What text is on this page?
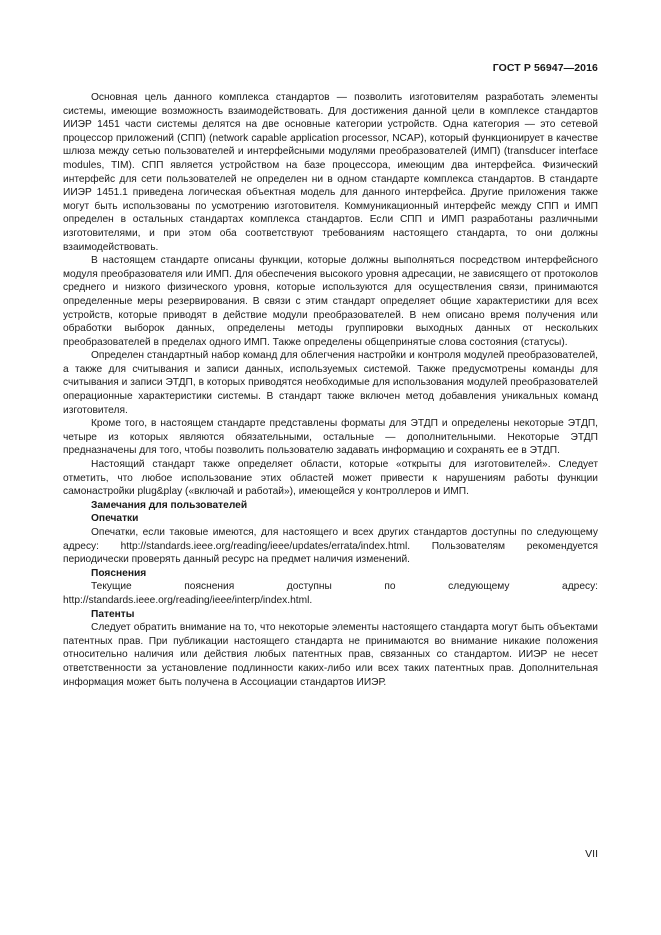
ГОСТ Р 56947—2016

Основная цель данного комплекса стандартов — позволить изготовителям разработать элементы системы, имеющие возможность взаимодействовать. Для достижения данной цели в комплексе стандартов ИИЭР 1451 части системы делятся на две основные категории устройств. Одна категория — это сетевой процессор приложений (СПП) (network capable application processor, NCAP), который функционирует в качестве шлюза между сетью пользователей и интерфейсными модулями преобразователей (ИМП) (transducer interface modules, TIM). СПП является устройством на базе процессора, имеющим два интерфейса. Физический интерфейс для сети пользователей не определен ни в одном стандарте комплекса стандартов. В стандарте ИИЭР 1451.1 приведена логическая объектная модель для данного интерфейса. Другие приложения также могут быть использованы по усмотрению изготовителя. Коммуникационный интерфейс между СПП и ИМП определен в остальных стандартах комплекса стандартов. Если СПП и ИМП разработаны различными изготовителями, и при этом оба соответствуют требованиям настоящего стандарта, то они должны взаимодействовать.

В настоящем стандарте описаны функции, которые должны выполняться посредством интерфейсного модуля преобразователя или ИМП. Для обеспечения высокого уровня адресации, не зависящего от протоколов среднего и низкого физического уровня, которые используются для осуществления связи, принимаются определенные меры резервирования. В связи с этим стандарт определяет общие характеристики для всех устройств, которые приводят в действие модули преобразователей. В нем описано время получения или обработки выборок данных, определены методы группировки выходных данных от нескольких преобразователей в пределах одного ИМП. Также определены общепринятые слова состояния (статусы).

Определен стандартный набор команд для облегчения настройки и контроля модулей преобразователей, а также для считывания и записи данных, используемых системой. Также предусмотрены команды для считывания и записи ЭТДП, в которых приводятся необходимые для использования модулей преобразователей операционные характеристики системы. В стандарт также включен метод добавления уникальных команд изготовителя.

Кроме того, в настоящем стандарте представлены форматы для ЭТДП и определены некоторые ЭТДП, четыре из которых являются обязательными, остальные — дополнительными. Некоторые ЭТДП предназначены для того, чтобы позволить пользователю задавать информацию и сохранять ее в ЭТДП.

Настоящий стандарт также определяет области, которые «открыты для изготовителей». Следует отметить, что любое использование этих областей может привести к нарушениям работы функции самонастройки plug&play («включай и работай»), имеющейся у контроллеров и ИМП.

Замечания для пользователей
Опечатки

Опечатки, если таковые имеются, для настоящего и всех других стандартов доступны по следующему адресу: http://standards.ieee.org/reading/ieee/updates/errata/index.html. Пользователям рекомендуется периодически проверять данный ресурс на предмет наличия изменений.

Пояснения

Текущие пояснения доступны по следующему адресу: http://standards.ieee.org/reading/ieee/interp/index.html.

Патенты

Следует обратить внимание на то, что некоторые элементы настоящего стандарта могут быть объектами патентных прав. При публикации настоящего стандарта не принимаются во внимание никакие положения относительно наличия или действия любых патентных прав, связанных со стандартом. ИИЭР не несет ответственности за установление подлинности каких-либо или всех таких патентных прав. Дополнительная информация может быть получена в Ассоциации стандартов ИИЭР.

VII
